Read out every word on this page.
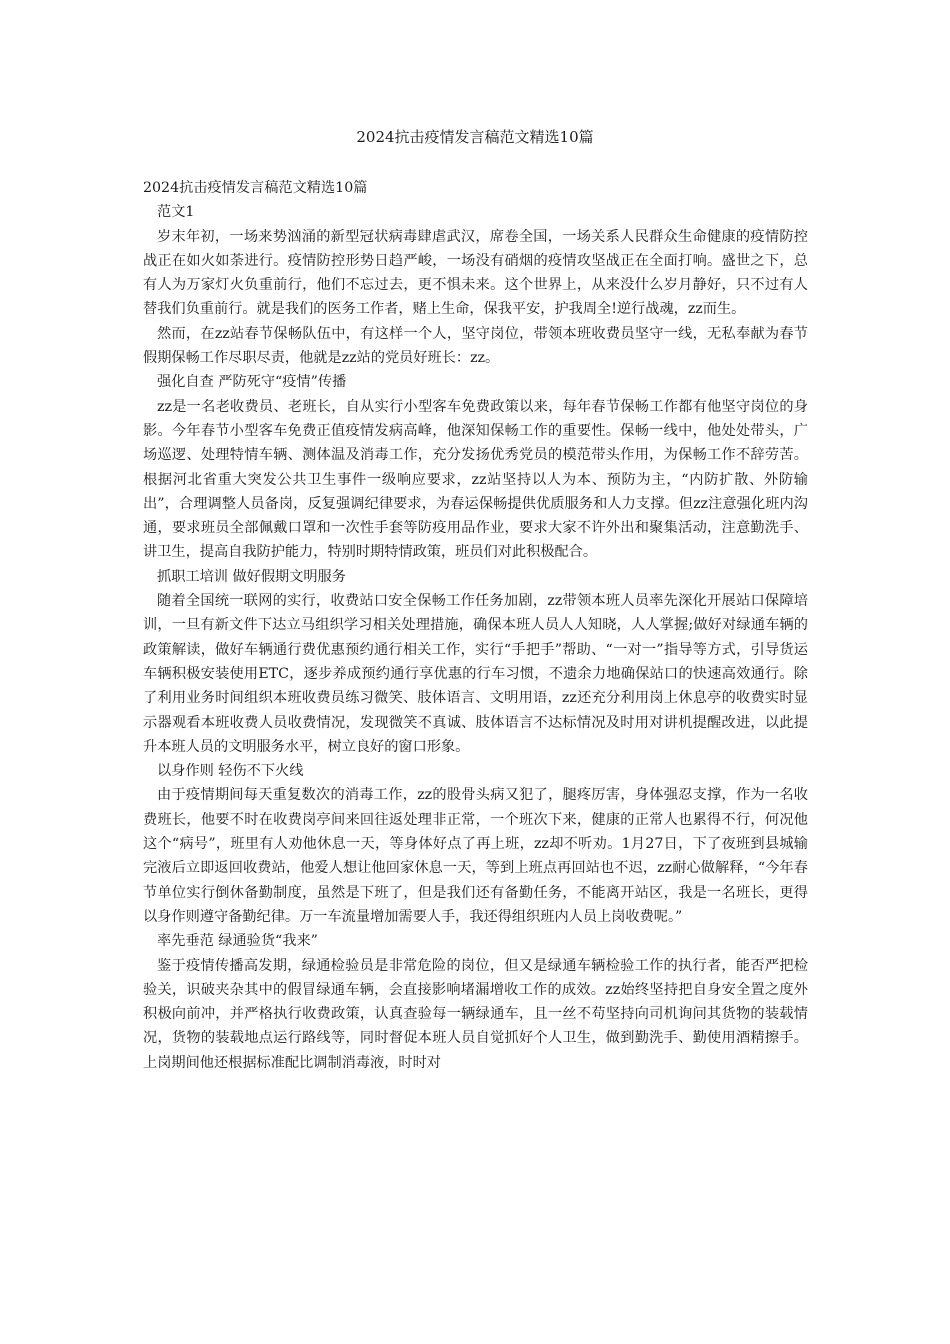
2024抗击疫情发言稿范文精选10篇

2024抗击疫情发言稿范文精选10篇

范文1

岁末年初，一场来势汹涌的新型冠状病毒肆虐武汉，席卷全国，一场关系人民群众生命健康的疫情防控战正在如火如荼进行。疫情防控形势日趋严峻，一场没有硝烟的疫情攻坚战正在全面打响。盛世之下，总有人为万家灯火负重前行，他们不忘过去，更不惧未来。这个世界上，从来没什么岁月静好，只不过有人替我们负重前行。就是我们的医务工作者，赌上生命，保我平安，护我周全!逆行战魂，zz而生。

然而，在zz站春节保畅队伍中，有这样一个人，坚守岗位，带领本班收费员坚守一线，无私奉献为春节假期保畅工作尽职尽责，他就是zz站的党员好班长：zz。

强化自查 严防死守“疫情”传播

zz是一名老收费员、老班长，自从实行小型客车免费政策以来，每年春节保畅工作都有他坚守岗位的身影。今年春节小型客车免费正值疫情发病高峰，他深知保畅工作的重要性。保畅一线中，他处处带头，广场巡逻、处理特情车辆、测体温及消毒工作，充分发扬优秀党员的模范带头作用，为保畅工作不辞劳苦。根据河北省重大突发公共卫生事件一级响应要求，zz站坚持以人为本、预防为主，“内防扩散、外防输出”，合理调整人员备岗，反复强调纪律要求，为春运保畅提供优质服务和人力支撑。但zz注意强化班内沟通，要求班员全部佩戴口罩和一次性手套等防疫用品作业，要求大家不许外出和聚集活动，注意勤洗手、讲卫生，提高自我防护能力，特别时期特情政策，班员们对此积极配合。

抓职工培训 做好假期文明服务

随着全国统一联网的实行，收费站口安全保畅工作任务加剧，zz带领本班人员率先深化开展站口保障培训，一旦有新文件下达立马组织学习相关处理措施，确保本班人员人人知晓，人人掌握;做好对绿通车辆的政策解读，做好车辆通行费优惠预约通行相关工作，实行“手把手”帮助、“一对一”指导等方式，引导货运车辆积极安装使用ETC，逐步养成预约通行享优惠的行车习惯，不遗余力地确保站口的快速高效通行。除了利用业务时间组织本班收费员练习微笑、肢体语言、文明用语，zz还充分利用岗上休息亭的收费实时显示器观看本班收费人员收费情况，发现微笑不真诚、肢体语言不达标情况及时用对讲机提醒改进，以此提升本班人员的文明服务水平，树立良好的窗口形象。

以身作则 轻伤不下火线

由于疫情期间每天重复数次的消毒工作，zz的股骨头病又犯了，腿疼厉害，身体强忍支撑，作为一名收费班长，他要不时在收费岗亭间来回往返处理非正常，一个班次下来，健康的正常人也累得不行，何况他这个“病号”，班里有人劝他休息一天，等身体好点了再上班，zz却不听劝。1月27日，下了夜班到县城输完液后立即返回收费站，他爱人想让他回家休息一天，等到上班点再回站也不迟，zz耐心做解释，“今年春节单位实行倒休备勤制度，虽然是下班了，但是我们还有备勤任务，不能离开站区，我是一名班长，更得以身作则遵守备勤纪律。万一车流量增加需要人手，我还得组织班内人员上岗收费呢。”

率先垂范 绿通验货“我来”

鉴于疫情传播高发期，绿通检验员是非常危险的岗位，但又是绿通车辆检验工作的执行者，能否严把检验关，识破夹杂其中的假冒绿通车辆，会直接影响堵漏增收工作的成效。zz始终坚持把自身安全置之度外积极向前冲，并严格执行收费政策，认真查验每一辆绿通车，且一丝不苟坚持向司机询问其货物的装载情况，货物的装载地点运行路线等，同时督促本班人员自觉抓好个人卫生，做到勤洗手、勤使用酒精擦手。上岗期间他还根据标准配比调制消毒液，时时对
